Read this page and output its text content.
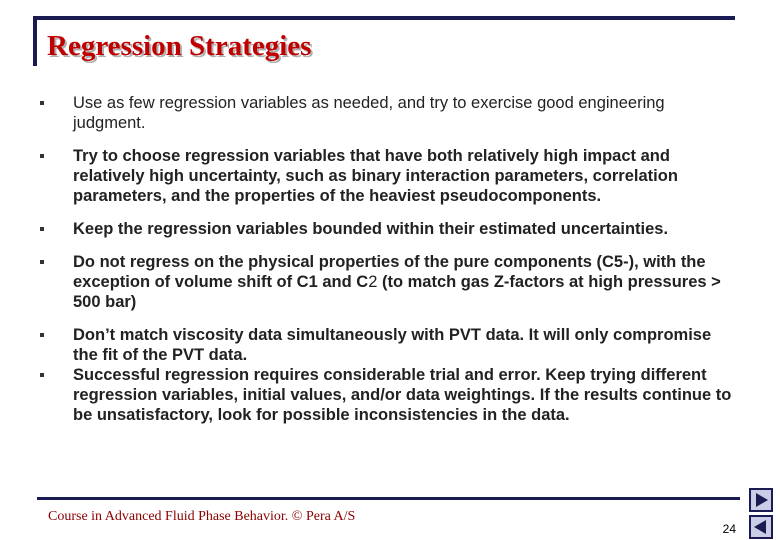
Regression Strategies
Use as few regression variables as needed, and try to exercise good engineering judgment.
Try to choose regression variables that have both relatively high impact and relatively high uncertainty, such as binary interaction parameters, correlation parameters, and the properties of the heaviest pseudocomponents.
Keep the regression variables bounded within their estimated uncertainties.
Do not regress on the physical properties of the pure components (C5-), with the exception of volume shift of C1 and C2 (to match gas Z-factors at high pressures > 500 bar)
Don’t match viscosity data simultaneously with PVT data. It will only compromise the fit of the PVT data.
Successful regression requires considerable trial and error. Keep trying different regression variables, initial values, and/or data weightings. If the results continue to be unsatisfactory, look for possible inconsistencies in the data.
Course in Advanced Fluid Phase Behavior. © Pera A/S
24
